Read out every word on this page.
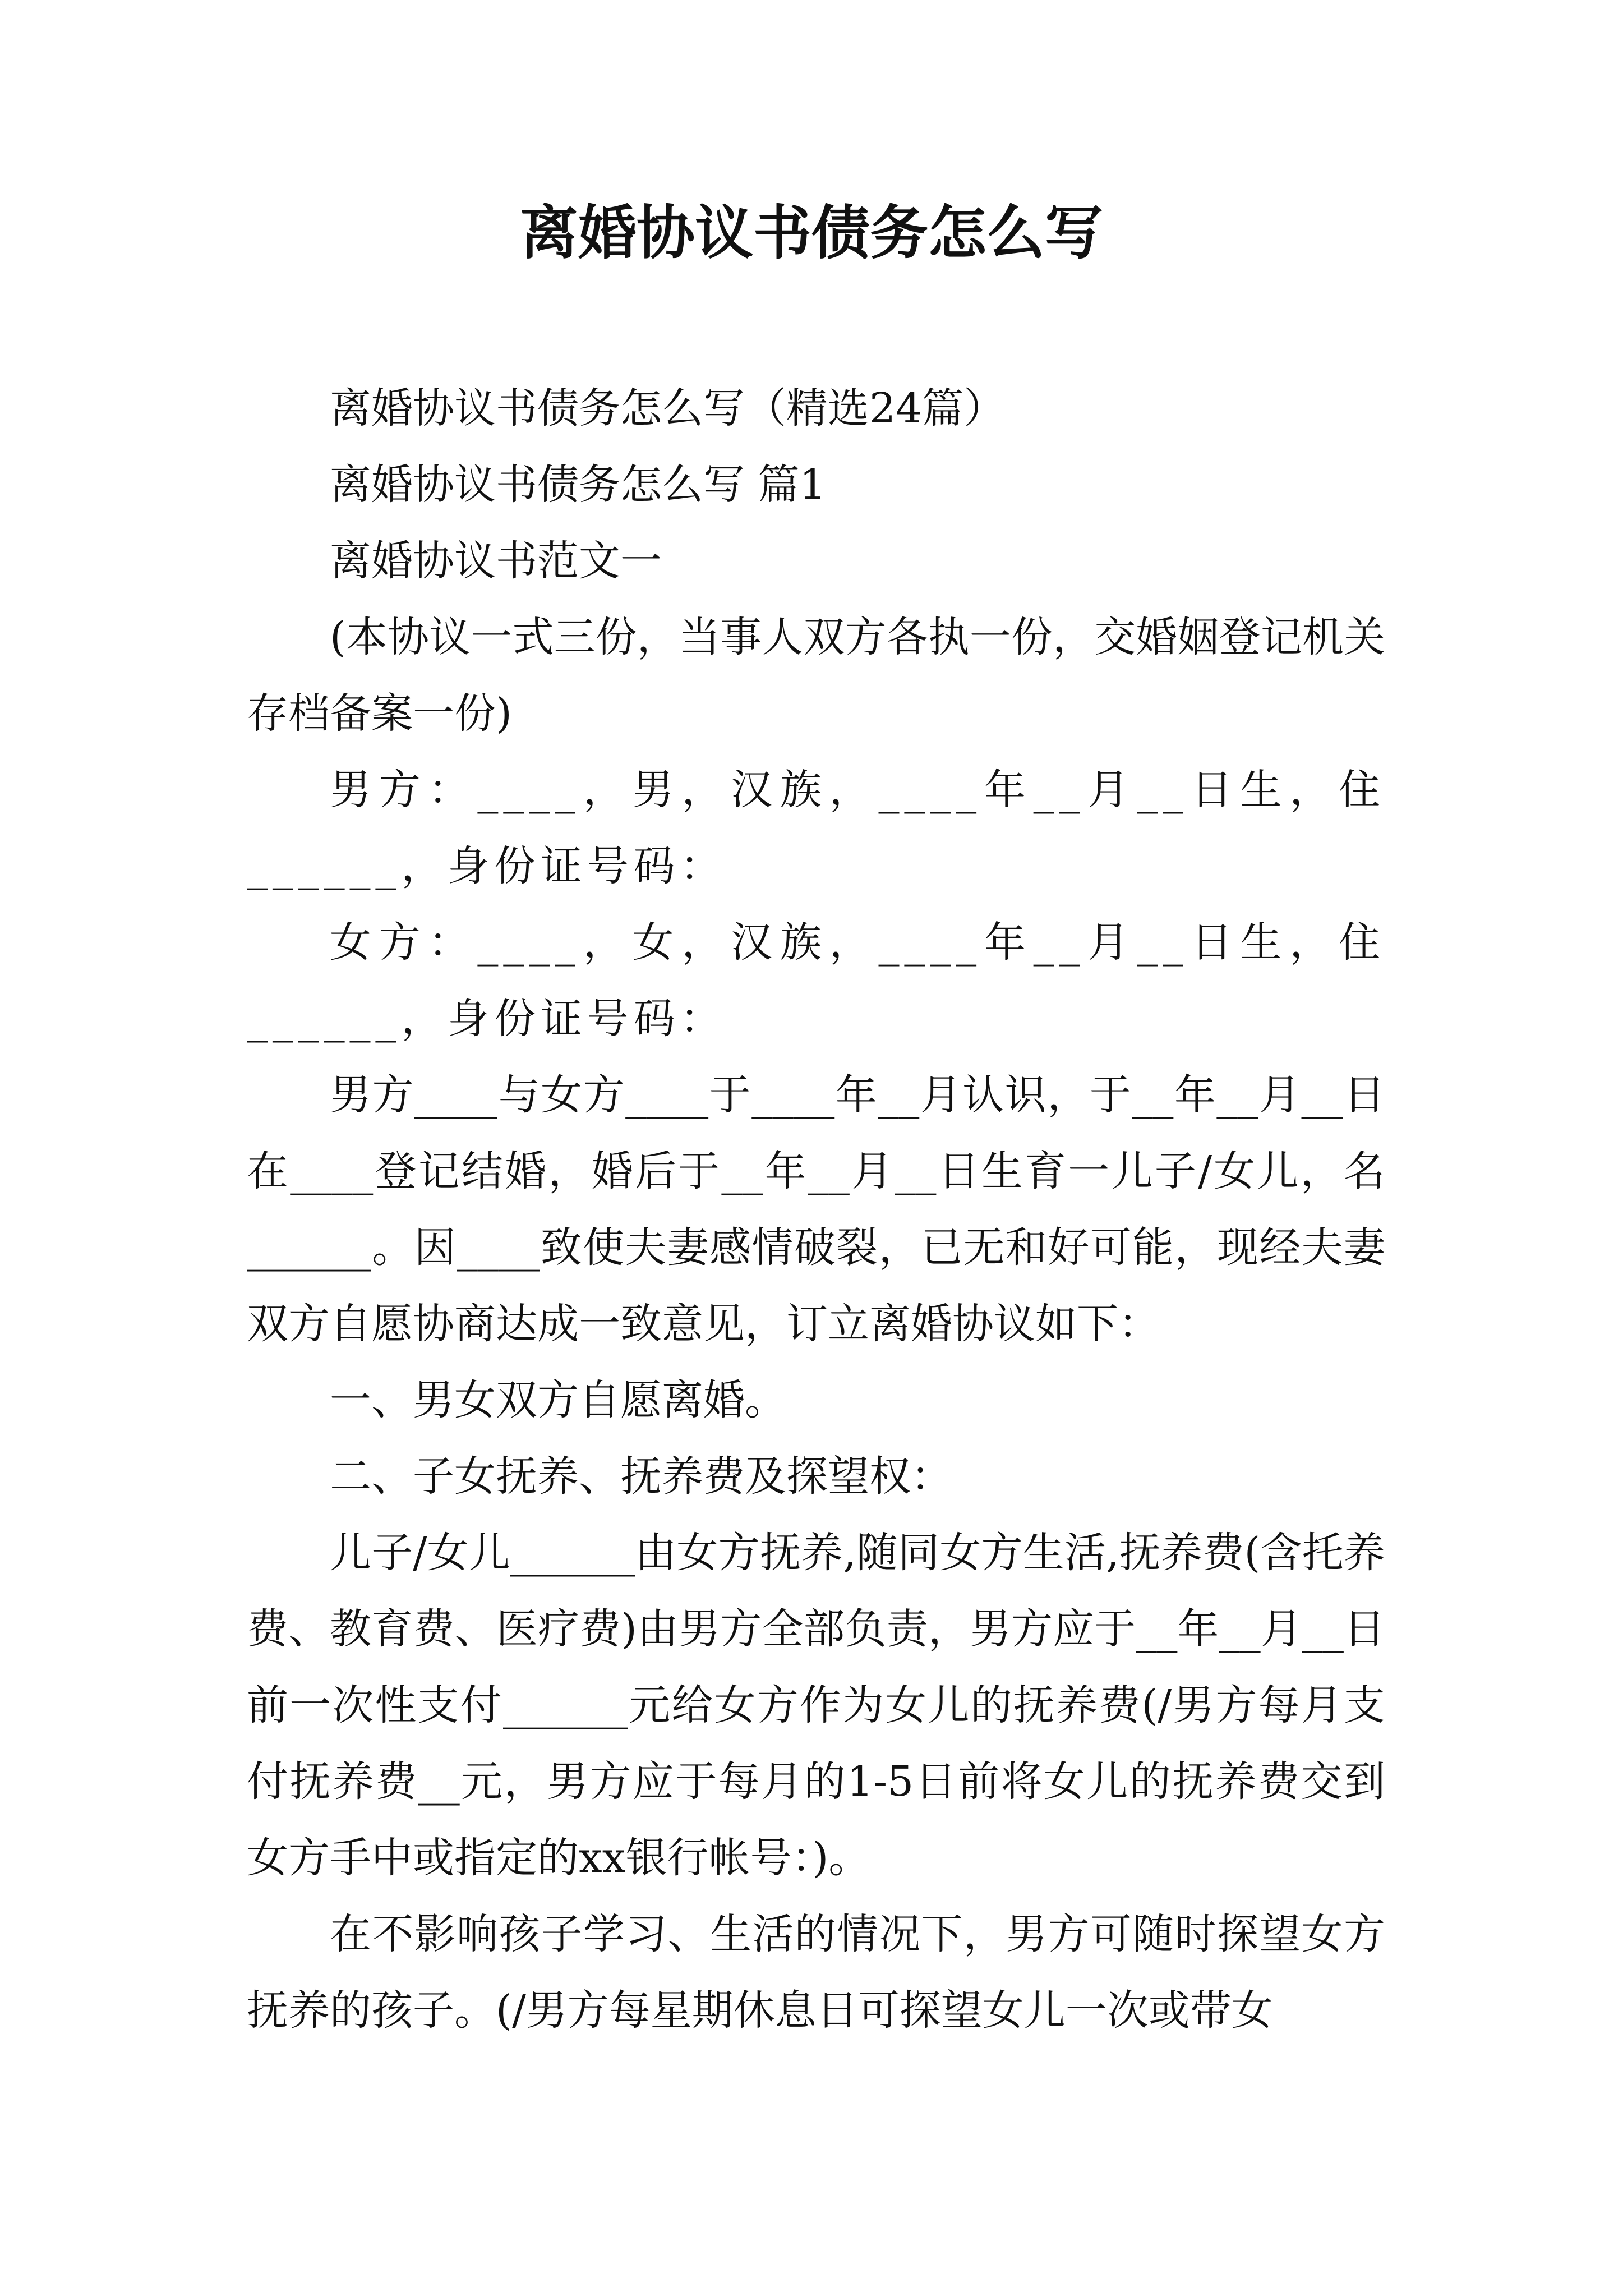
离婚协议书债务怎么写

离婚协议书债务怎么写（精选24篇）

离婚协议书债务怎么写 篇1

离婚协议书范文一

(本协议一式三份，当事人双方各执一份，交婚姻登记机关存档备案一份)

男方：____，男，汉族，____年__月__日生，住______，身份证号码：

女方：____，女，汉族，____年__月__日生，住______，身份证号码：

男方____与女方____于____年__月认识，于__年__月__日在____登记结婚，婚后于__年__月__日生育一儿子/女儿，名______。因____致使夫妻感情破裂，已无和好可能，现经夫妻双方自愿协商达成一致意见，订立离婚协议如下：

一、男女双方自愿离婚。

二、子女抚养、抚养费及探望权：

儿子/女儿______由女方抚养,随同女方生活,抚养费(含托养费、教育费、医疗费)由男方全部负责，男方应于__年__月__日前一次性支付______元给女方作为女儿的抚养费(/男方每月支付抚养费__元，男方应于每月的1-5日前将女儿的抚养费交到女方手中或指定的xx银行帐号：)。

在不影响孩子学习、生活的情况下，男方可随时探望女方抚养的孩子。(/男方每星期休息日可探望女儿一次或带女
